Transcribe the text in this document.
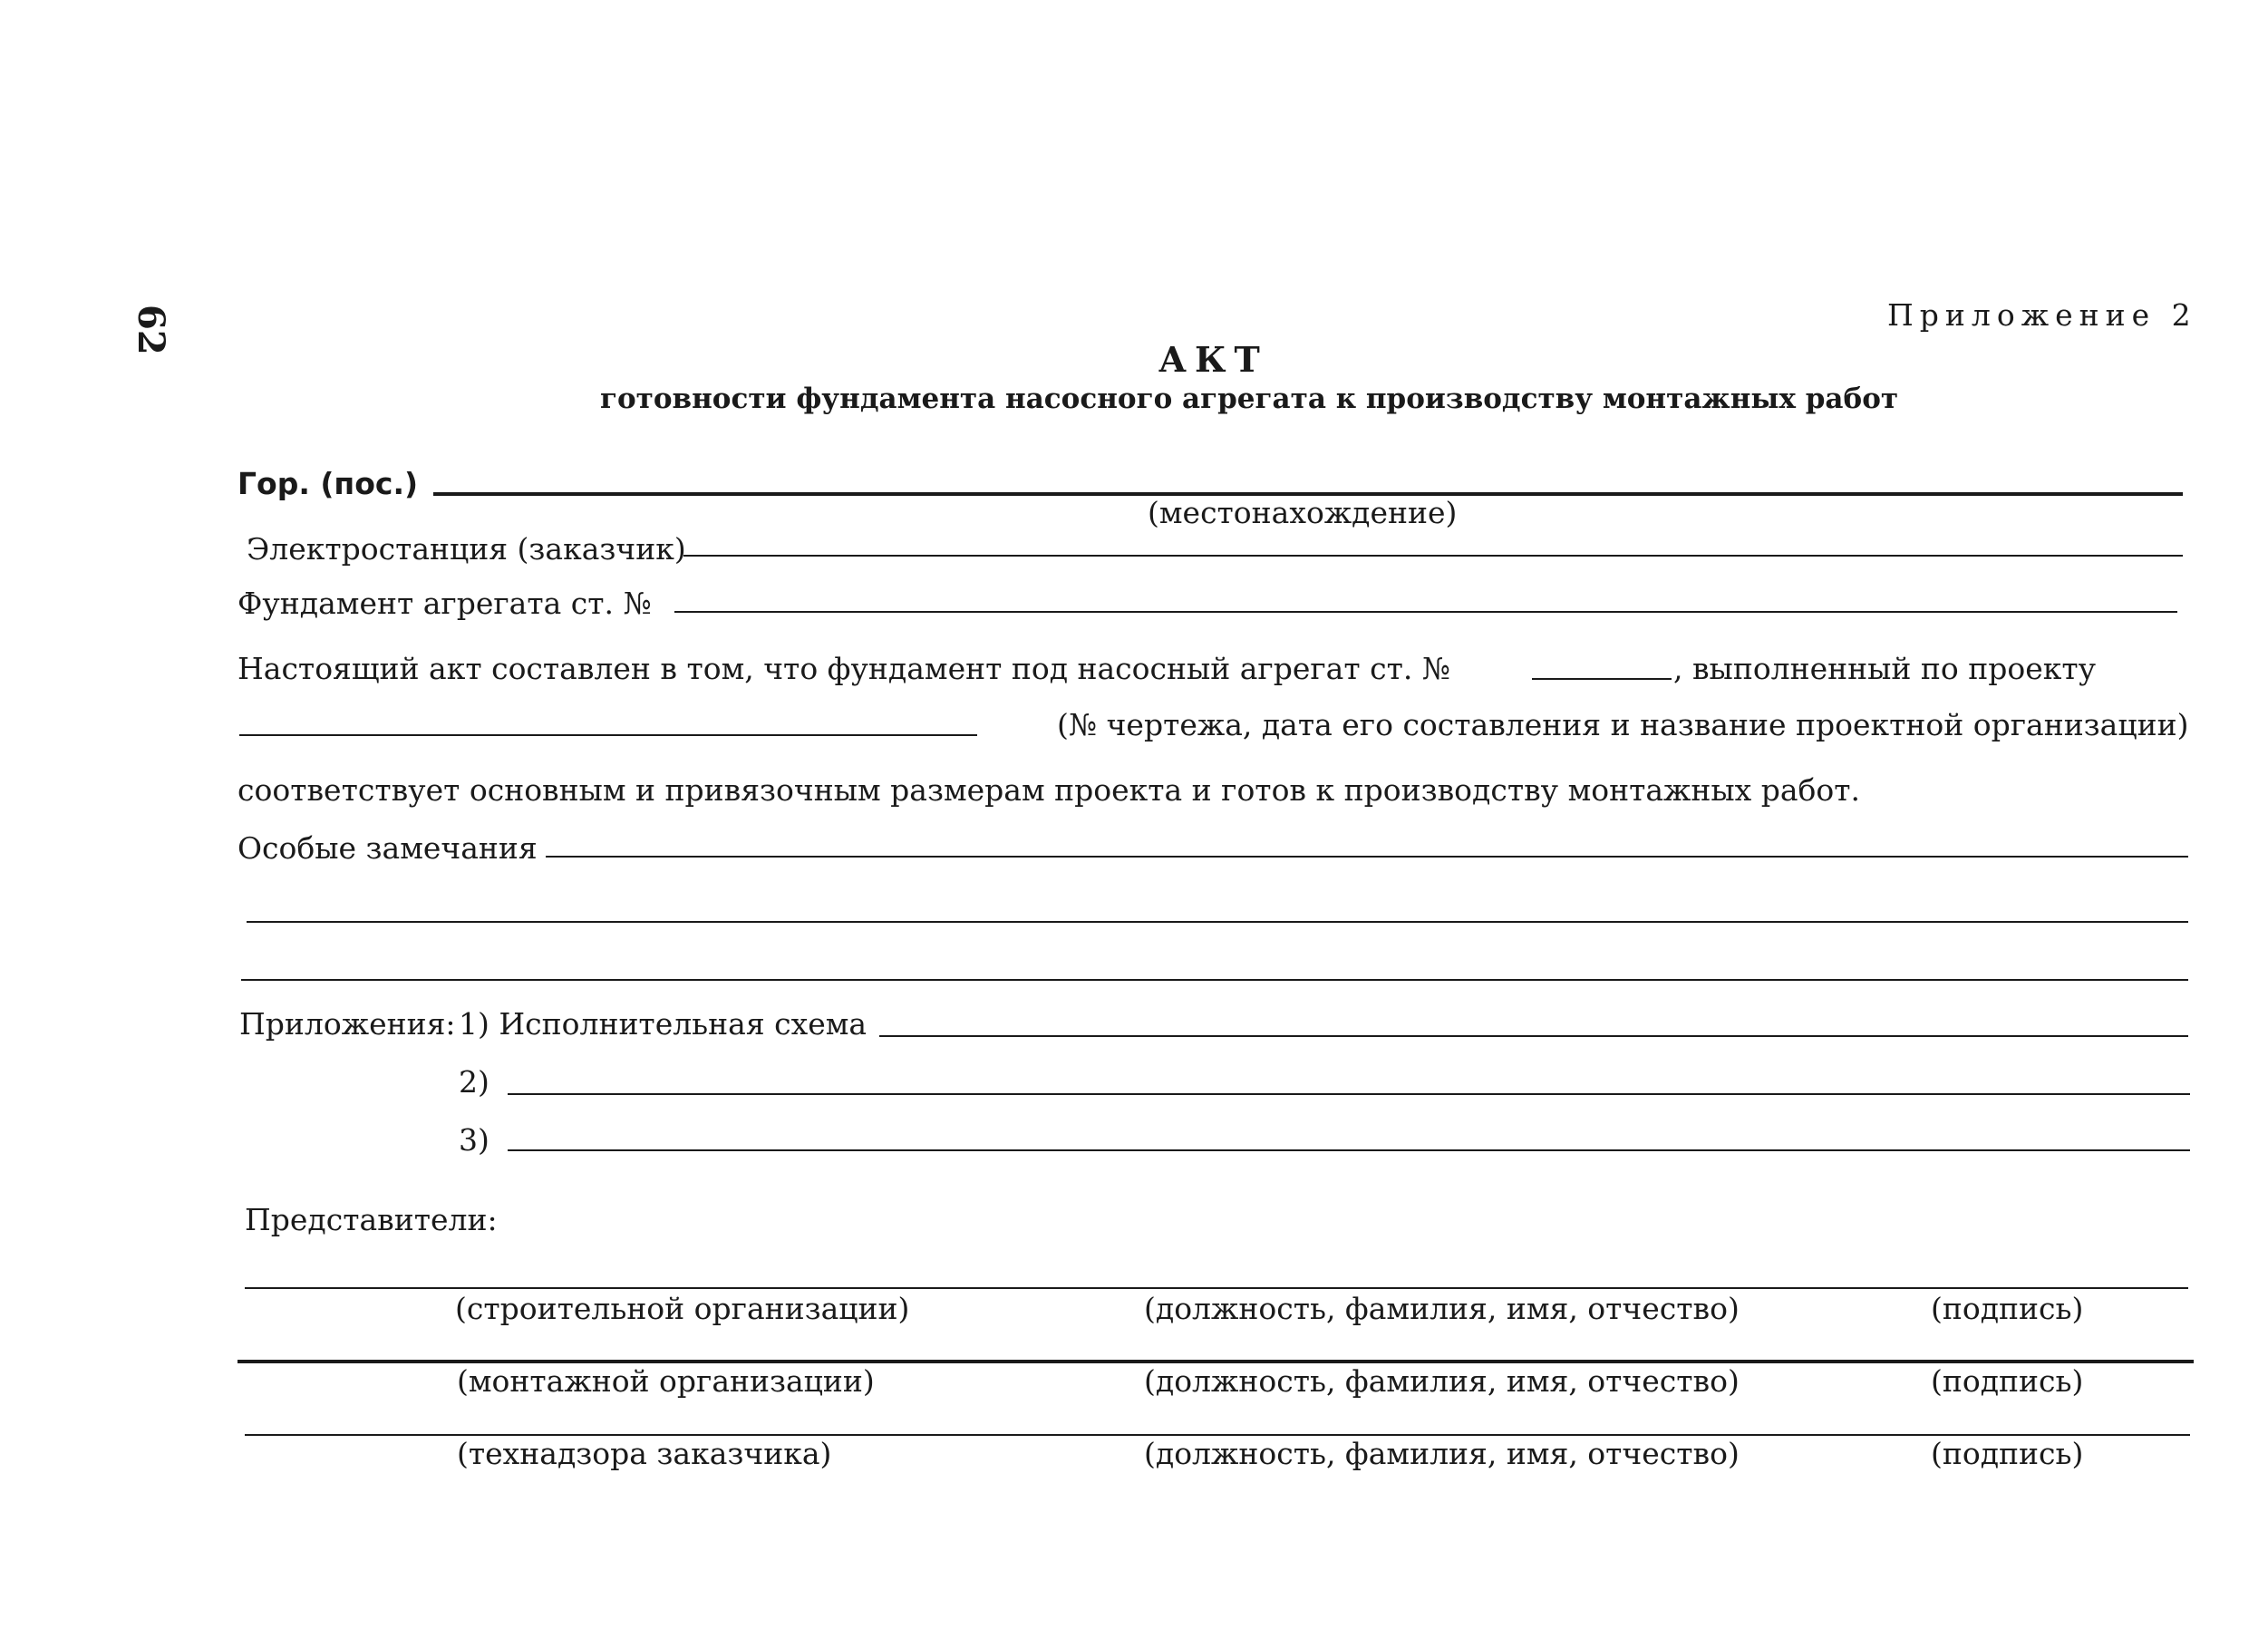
62	Приложение 2
АКТ
готовности фундамента насосного агрегата к производству монтажных работ
Гор. (пос.)
(местонахождение)
Электростанция (заказчик)
Фундамент агрегата ст. №
Настоящий акт составлен в том, что фундамент под насосный агрегат ст. №	, выполненный по проекту
(№ чертежа, дата его составления и название проектной организации)
соответствует основным и привязочным размерам проекта и готов к производству монтажных работ.
Особые замечания
Приложения: 1) Исполнительная схема
2)
3)
Представители:
(строительной организации)	(должность, фамилия, имя, отчество)	(подпись)
(монтажной организации)	(должность, фамилия, имя, отчество)	(подпись)
(технадзора заказчика)	(должность, фамилия, имя, отчество)	(подпись)
